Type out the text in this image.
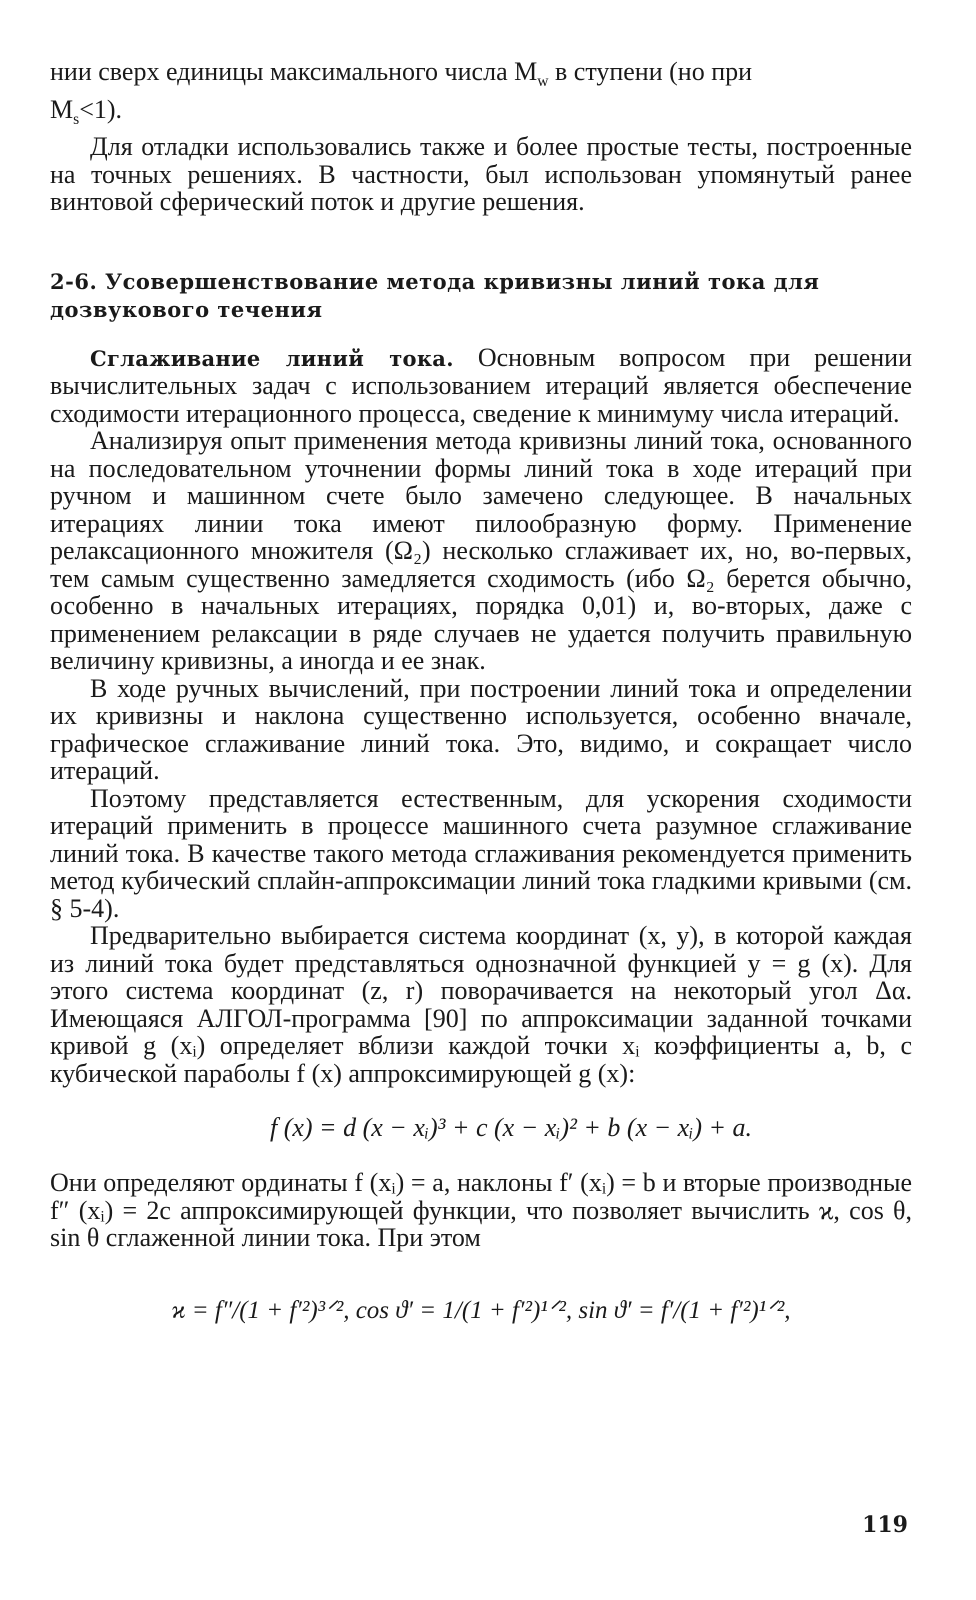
нии сверх единицы максимального числа $M_w$ в ступени (но при
$M_s<1$).

Для отладки использовались также и более простые тесты, построенные на точных решениях. В частности, был использован упомянутый ранее винтовой сферический поток и другие решения.

2-6. Усовершенствование метода кривизны линий тока для дозвукового течения

Сглаживание линий тока. Основным вопросом при решении вычислительных задач с использованием итераций является обеспечение сходимости итерационного процесса, сведение к минимуму числа итераций.

Анализируя опыт применения метода кривизны линий тока, основанного на последовательном уточнении формы линий тока в ходе итераций при ручном и машинном счете было замечено следующее. В начальных итерациях линии тока имеют пилообразную форму. Применение релаксационного множителя (Ω₂) несколько сглаживает их, но, во-первых, тем самым существенно замедляется сходимость (ибо Ω₂ берется обычно, особенно в начальных итерациях, порядка 0,01) и, во-вторых, даже с применением релаксации в ряде случаев не удается получить правильную величину кривизны, а иногда и ее знак.

В ходе ручных вычислений, при построении линий тока и определении их кривизны и наклона существенно используется, особенно вначале, графическое сглаживание линий тока. Это, видимо, и сокращает число итераций.

Поэтому представляется естественным, для ускорения сходимости итераций применить в процессе машинного счета разумное сглаживание линий тока. В качестве такого метода сглаживания рекомендуется применить метод кубический сплайн-аппроксимации линий тока гладкими кривыми (см. § 5-4).

Предварительно выбирается система координат (x, y), в которой каждая из линий тока будет представляться однозначной функцией y = g (x). Для этого система координат (z, r) поворачивается на некоторый угол Δα. Имеющаяся АЛГОЛ-программа [90] по аппроксимации заданной точками кривой g (xᵢ) определяет вблизи каждой точки xᵢ коэффициенты a, b, c кубической параболы f (x) аппроксимирующей g (x):

f (x) = d (x − xᵢ)³ + c (x − xᵢ)² + b (x − xᵢ) + a.

Они определяют ординаты f (xᵢ) = a, наклоны f′ (xᵢ) = b и вторые производные f″ (xᵢ) = 2c аппроксимирующей функции, что позволяет вычислить ϰ, cos θ, sin θ сглаженной линии тока. При этом

ϰ = f″/(1 + f′²)³ᐟ², cos ϑ′ = 1/(1 + f′²)¹ᐟ², sin ϑ′ = f′/(1 + f′²)¹ᐟ²,
119
